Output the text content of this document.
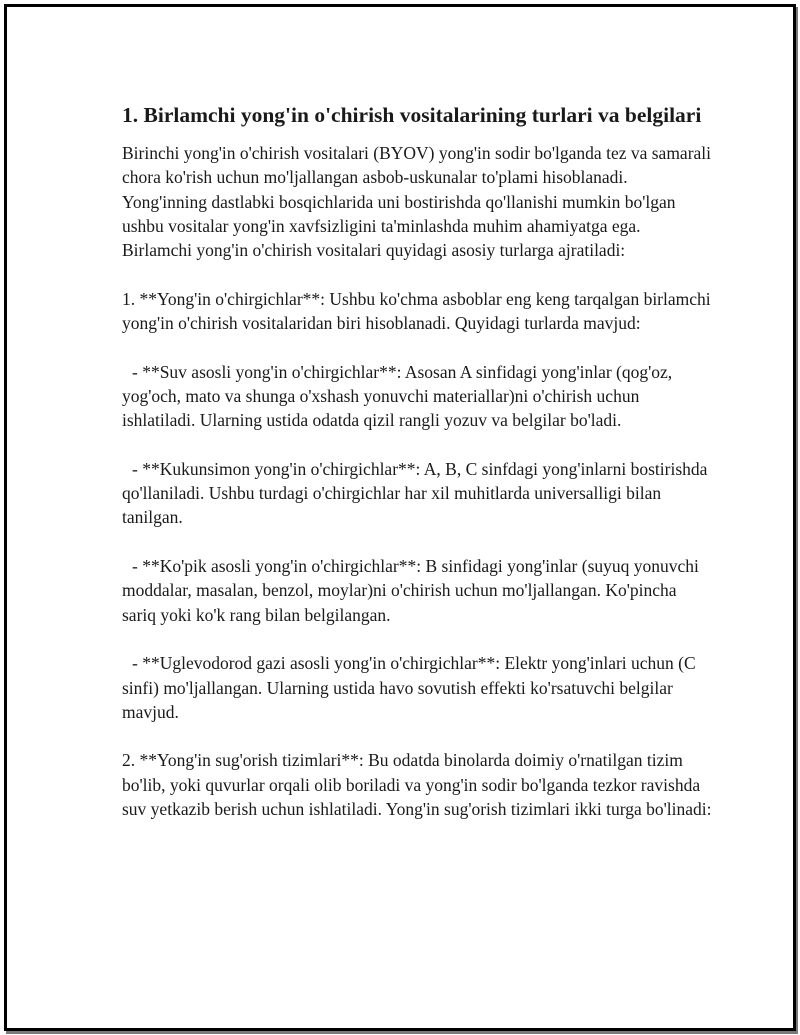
1. Birlamchi yong'in o'chirish vositalarining turlari va belgilari

Birinchi yong'in o'chirish vositalari (BYOV) yong'in sodir bo'lganda tez va samarali chora ko'rish uchun mo'ljallangan asbob-uskunalar to'plami hisoblanadi. Yong'inning dastlabki bosqichlarida uni bostirishda qo'llanishi mumkin bo'lgan ushbu vositalar yong'in xavfsizligini ta'minlashda muhim ahamiyatga ega. Birlamchi yong'in o'chirish vositalari quyidagi asosiy turlarga ajratiladi:

1. **Yong'in o'chirgichlar**: Ushbu ko'chma asboblar eng keng tarqalgan birlamchi yong'in o'chirish vositalaridan biri hisoblanadi. Quyidagi turlarda mavjud:

- **Suv asosli yong'in o'chirgichlar**: Asosan A sinfidagi yong'inlar (qog'oz, yog'och, mato va shunga o'xshash yonuvchi materiallar)ni o'chirish uchun ishlatiladi. Ularning ustida odatda qizil rangli yozuv va belgilar bo'ladi.

- **Kukunsimon yong'in o'chirgichlar**: A, B, C sinfdagi yong'inlarni bostirishda qo'llaniladi. Ushbu turdagi o'chirgichlar har xil muhitlarda universalligi bilan tanilgan.

- **Ko'pik asosli yong'in o'chirgichlar**: B sinfidagi yong'inlar (suyuq yonuvchi moddalar, masalan, benzol, moylar)ni o'chirish uchun mo'ljallangan. Ko'pincha sariq yoki ko'k rang bilan belgilangan.

- **Uglevodorod gazi asosli yong'in o'chirgichlar**: Elektr yong'inlari uchun (C sinfi) mo'ljallangan. Ularning ustida havo sovutish effekti ko'rsatuvchi belgilar mavjud.

2. **Yong'in sug'orish tizimlari**: Bu odatda binolarda doimiy o'rnatilgan tizim bo'lib, yoki quvurlar orqali olib boriladi va yong'in sodir bo'lganda tezkor ravishda suv yetkazib berish uchun ishlatiladi. Yong'in sug'orish tizimlari ikki turga bo'linadi:
